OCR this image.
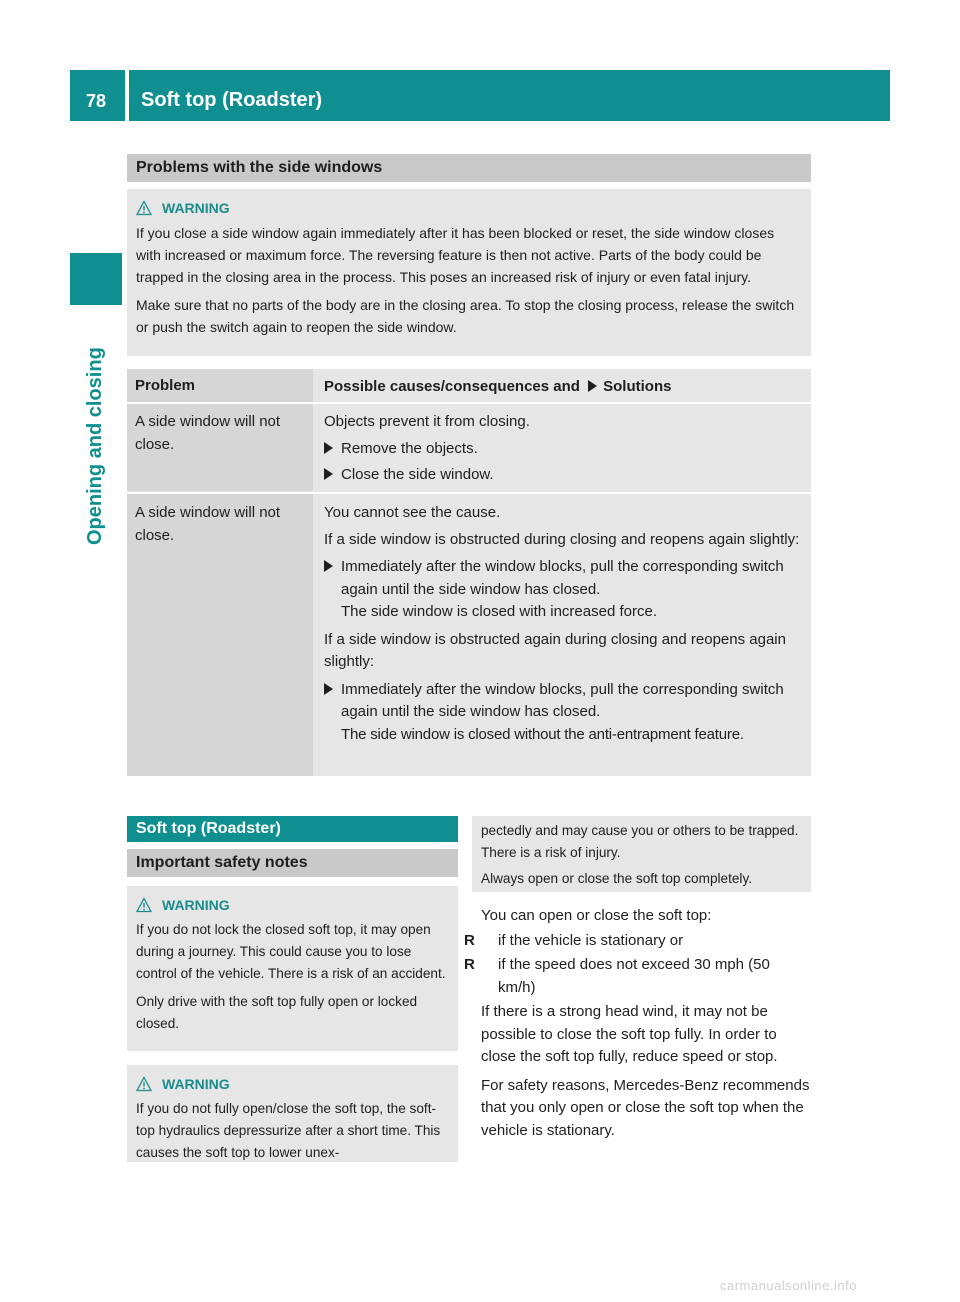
78 Soft top (Roadster)
Opening and closing
Problems with the side windows
WARNING

If you close a side window again immediately after it has been blocked or reset, the side window closes with increased or maximum force. The reversing feature is then not active. Parts of the body could be trapped in the closing area in the process. This poses an increased risk of injury or even fatal injury.

Make sure that no parts of the body are in the closing area. To stop the closing process, release the switch or push the switch again to reopen the side window.

Problem	Possible causes/consequences and Solutions
A side window will not close.

Objects prevent it from closing.

Remove the objects.

Close the side window.

A side window will not close.

You cannot see the cause.

If a side window is obstructed during closing and reopens again slightly:

Immediately after the window blocks, pull the corresponding switch again until the side window has closed.

The side window is closed with increased force.

If a side window is obstructed again during closing and reopens again slightly:

Immediately after the window blocks, pull the corresponding switch again until the side window has closed.

The side window is closed without the anti-entrapment feature.

Soft top (Roadster)
Important safety notes
WARNING

If you do not lock the closed soft top, it may open during a journey. This could cause you to lose control of the vehicle. There is a risk of an accident.

Only drive with the soft top fully open or locked closed.

WARNING

If you do not fully open/close the soft top, the soft-top hydraulics depressurize after a short time. This causes the soft top to lower unex-

pectedly and may cause you or others to be trapped. There is a risk of injury.

Always open or close the soft top completely.

You can open or close the soft top:

R if the vehicle is stationary or

R if the speed does not exceed 30 mph (50 km/h)

If there is a strong head wind, it may not be possible to close the soft top fully. In order to close the soft top fully, reduce speed or stop.

For safety reasons, Mercedes-Benz recommends that you only open or close the soft top when the vehicle is stationary.

carmanualsonline.info
